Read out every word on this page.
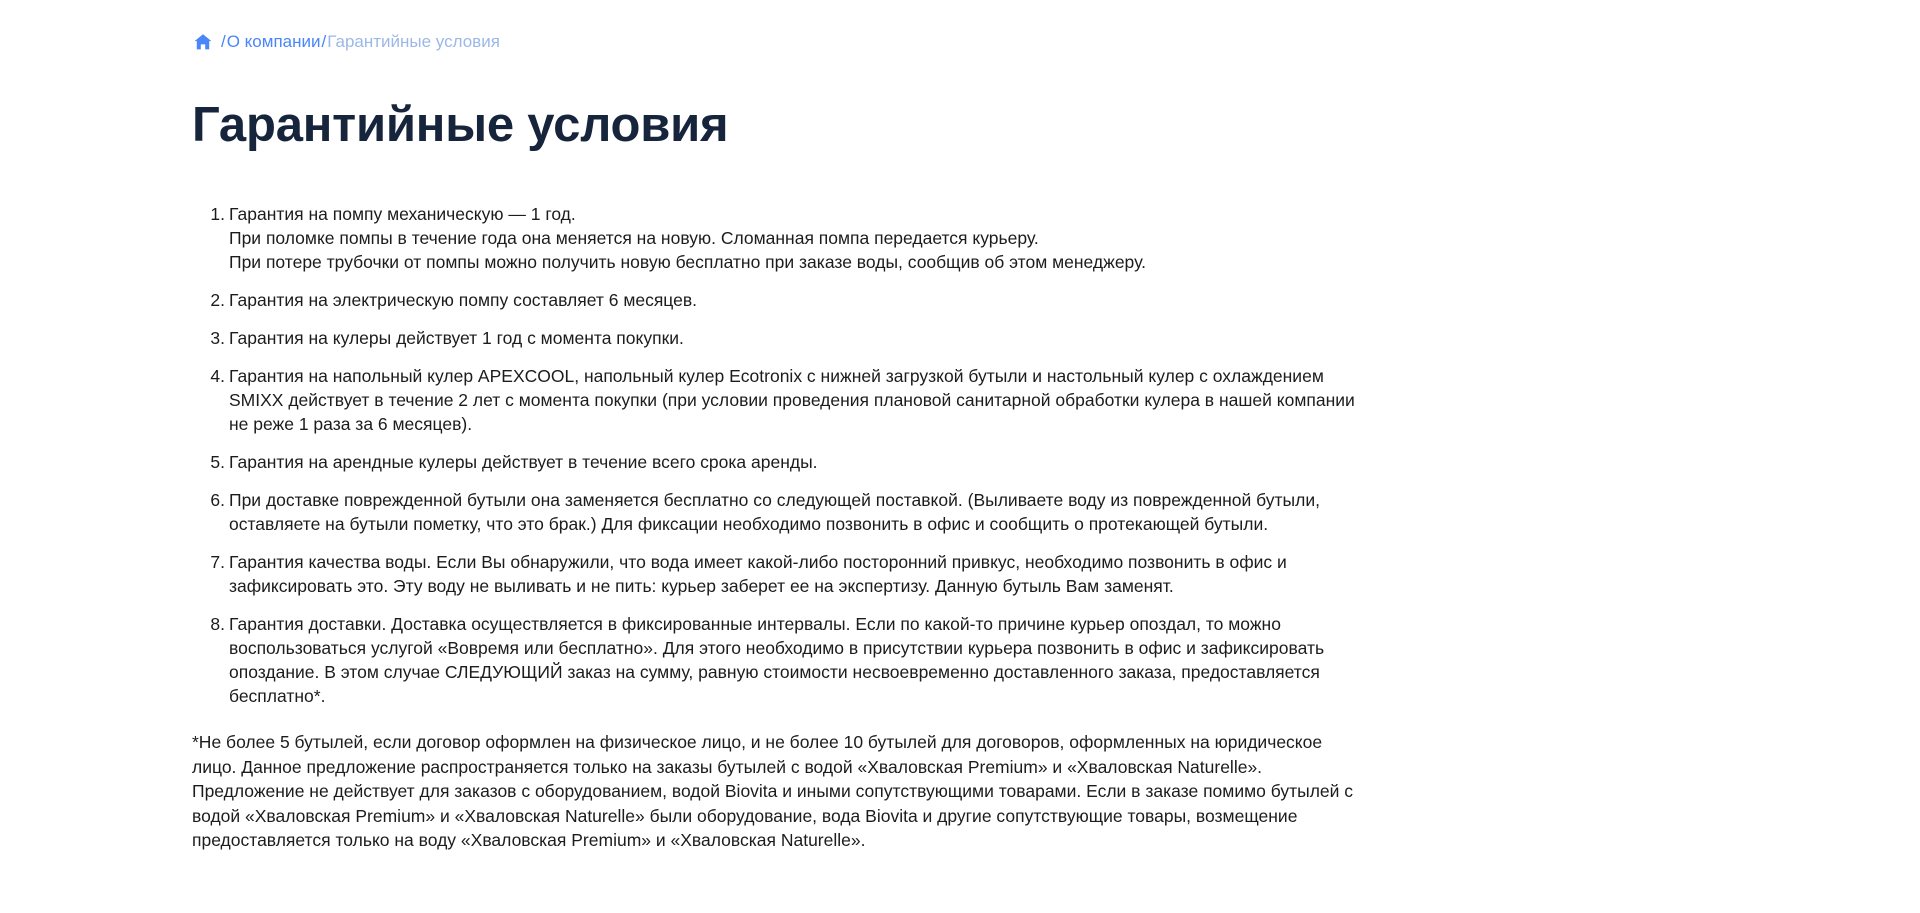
/ О компании / Гарантийные условия
Гарантийные условия
Гарантия на помпу механическую — 1 год.
При поломке помпы в течение года она меняется на новую. Сломанная помпа передается курьеру.
При потере трубочки от помпы можно получить новую бесплатно при заказе воды, сообщив об этом менеджеру.
Гарантия на электрическую помпу составляет 6 месяцев.
Гарантия на кулеры действует 1 год с момента покупки.
Гарантия на напольный кулер APEXCOOL, напольный кулер Ecotronix с нижней загрузкой бутыли и настольный кулер с охлаждением SMIXX действует в течение 2 лет с момента покупки (при условии проведения плановой санитарной обработки кулера в нашей компании не реже 1 раза за 6 месяцев).
Гарантия на арендные кулеры действует в течение всего срока аренды.
При доставке поврежденной бутыли она заменяется бесплатно со следующей поставкой. (Выливаете воду из поврежденной бутыли, оставляете на бутыли пометку, что это брак.) Для фиксации необходимо позвонить в офис и сообщить о протекающей бутыли.
Гарантия качества воды. Если Вы обнаружили, что вода имеет какой-либо посторонний привкус, необходимо позвонить в офис и зафиксировать это. Эту воду не выливать и не пить: курьер заберет ее на экспертизу. Данную бутыль Вам заменят.
Гарантия доставки. Доставка осуществляется в фиксированные интервалы. Если по какой-то причине курьер опоздал, то можно воспользоваться услугой «Вовремя или бесплатно». Для этого необходимо в присутствии курьера позвонить в офис и зафиксировать опоздание. В этом случае СЛЕДУЮЩИЙ заказ на сумму, равную стоимости несвоевременно доставленного заказа, предоставляется бесплатно*.

*Не более 5 бутылей, если договор оформлен на физическое лицо, и не более 10 бутылей для договоров, оформленных на юридическое лицо. Данное предложение распространяется только на заказы бутылей с водой «Хваловская Premium» и «Хваловская Naturelle». Предложение не действует для заказов с оборудованием, водой Biovita и иными сопутствующими товарами. Если в заказе помимо бутылей с водой «Хваловская Premium» и «Хваловская Naturelle» были оборудование, вода Biovita и другие сопутствующие товары, возмещение предоставляется только на воду «Хваловская Premium» и «Хваловская Naturelle».
